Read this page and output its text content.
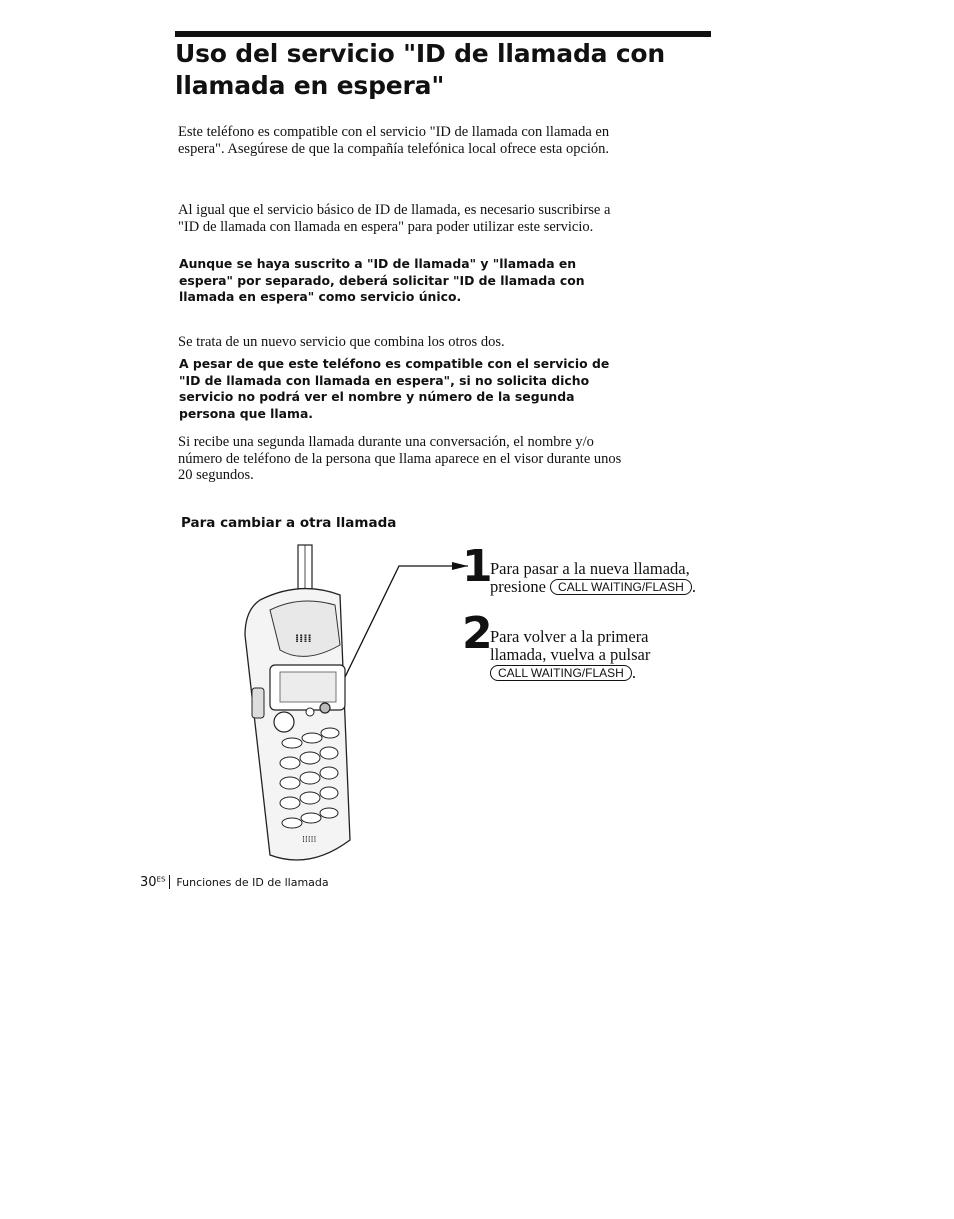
Uso del servicio "ID de llamada con llamada en espera"

Este teléfono es compatible con el servicio "ID de llamada con llamada en espera". Asegúrese de que la compañía telefónica local ofrece esta opción.

Al igual que el servicio básico de ID de llamada, es necesario suscribirse a "ID de llamada con llamada en espera" para poder utilizar este servicio.

Aunque se haya suscrito a "ID de llamada" y "llamada en espera" por separado, deberá solicitar "ID de llamada con llamada en espera" como servicio único.

Se trata de un nuevo servicio que combina los otros dos.

A pesar de que este teléfono es compatible con el servicio de "ID de llamada con llamada en espera", si no solicita dicho servicio no podrá ver el nombre y número de la segunda persona que llama.

Si recibe una segunda llamada durante una conversación, el nombre y/o número de teléfono de la persona que llama aparece en el visor durante unos 20 segundos.

Para cambiar a otra llamada
⁞⁞⁞⁞
⁞⁞⁞⁞⁞
1
Para pasar a la nueva llamada, presione CALL WAITING/FLASH .
2
Para volver a la primera llamada, vuelva a pulsar CALL WAITING/FLASH .
$30^{ES}$ Funciones de ID de llamada
